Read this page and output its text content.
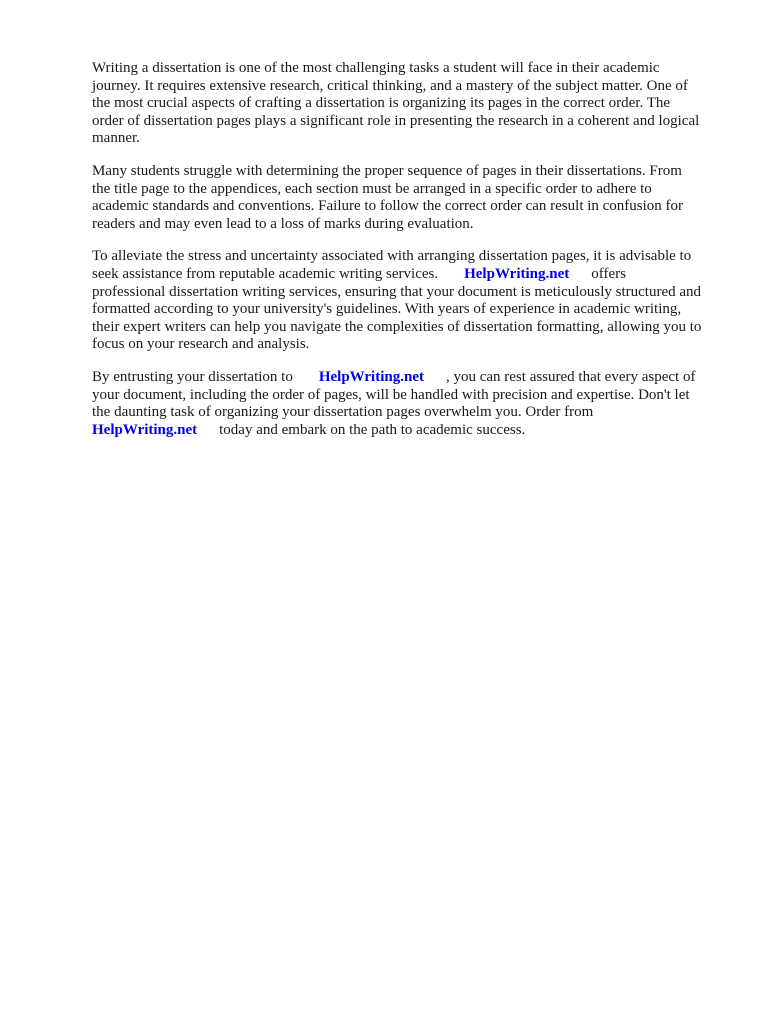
Writing a dissertation is one of the most challenging tasks a student will face in their academic
journey. It requires extensive research, critical thinking, and a mastery of the subject matter. One of
the most crucial aspects of crafting a dissertation is organizing its pages in the correct order. The
order of dissertation pages plays a significant role in presenting the research in a coherent and logical
manner.

Many students struggle with determining the proper sequence of pages in their dissertations. From
the title page to the appendices, each section must be arranged in a specific order to adhere to
academic standards and conventions. Failure to follow the correct order can result in confusion for
readers and may even lead to a loss of marks during evaluation.

To alleviate the stress and uncertainty associated with arranging dissertation pages, it is advisable to
seek assistance from reputable academic writing services. HelpWriting.net offers
professional dissertation writing services, ensuring that your document is meticulously structured and
formatted according to your university's guidelines. With years of experience in academic writing,
their expert writers can help you navigate the complexities of dissertation formatting, allowing you to
focus on your research and analysis.

By entrusting your dissertation to HelpWriting.net , you can rest assured that every aspect of
your document, including the order of pages, will be handled with precision and expertise. Don't let
the daunting task of organizing your dissertation pages overwhelm you. Order from
HelpWriting.net today and embark on the path to academic success.
